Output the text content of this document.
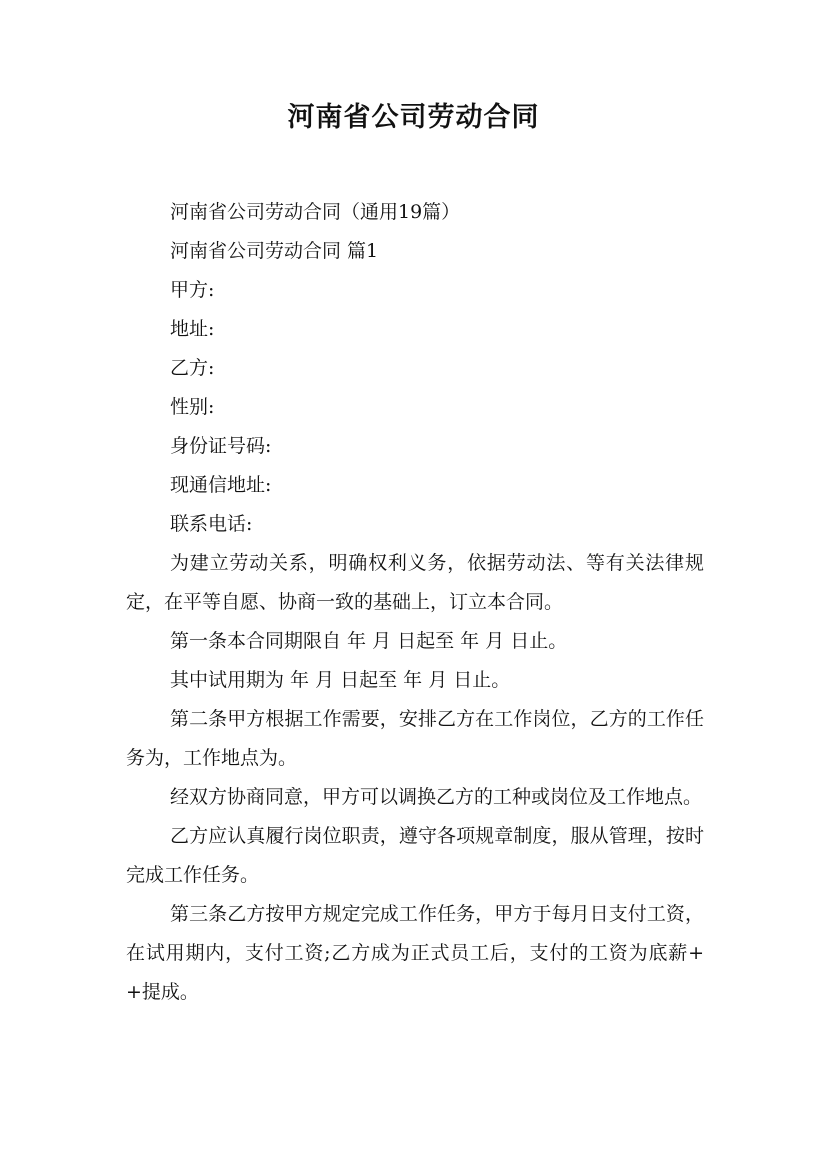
河南省公司劳动合同

河南省公司劳动合同（通用19篇）

河南省公司劳动合同 篇1

甲方:

地址:

乙方:

性别:

身份证号码:

现通信地址:

联系电话:

为建立劳动关系，明确权利义务，依据劳动法、等有关法律规定，在平等自愿、协商一致的基础上，订立本合同。

第一条本合同期限自 年 月 日起至 年 月 日止。

其中试用期为 年 月 日起至 年 月 日止。

第二条甲方根据工作需要，安排乙方在工作岗位，乙方的工作任务为，工作地点为。

经双方协商同意，甲方可以调换乙方的工种或岗位及工作地点。

乙方应认真履行岗位职责，遵守各项规章制度，服从管理，按时完成工作任务。

第三条乙方按甲方规定完成工作任务，甲方于每月日支付工资，在试用期内，支付工资;乙方成为正式员工后，支付的工资为底薪++提成。
